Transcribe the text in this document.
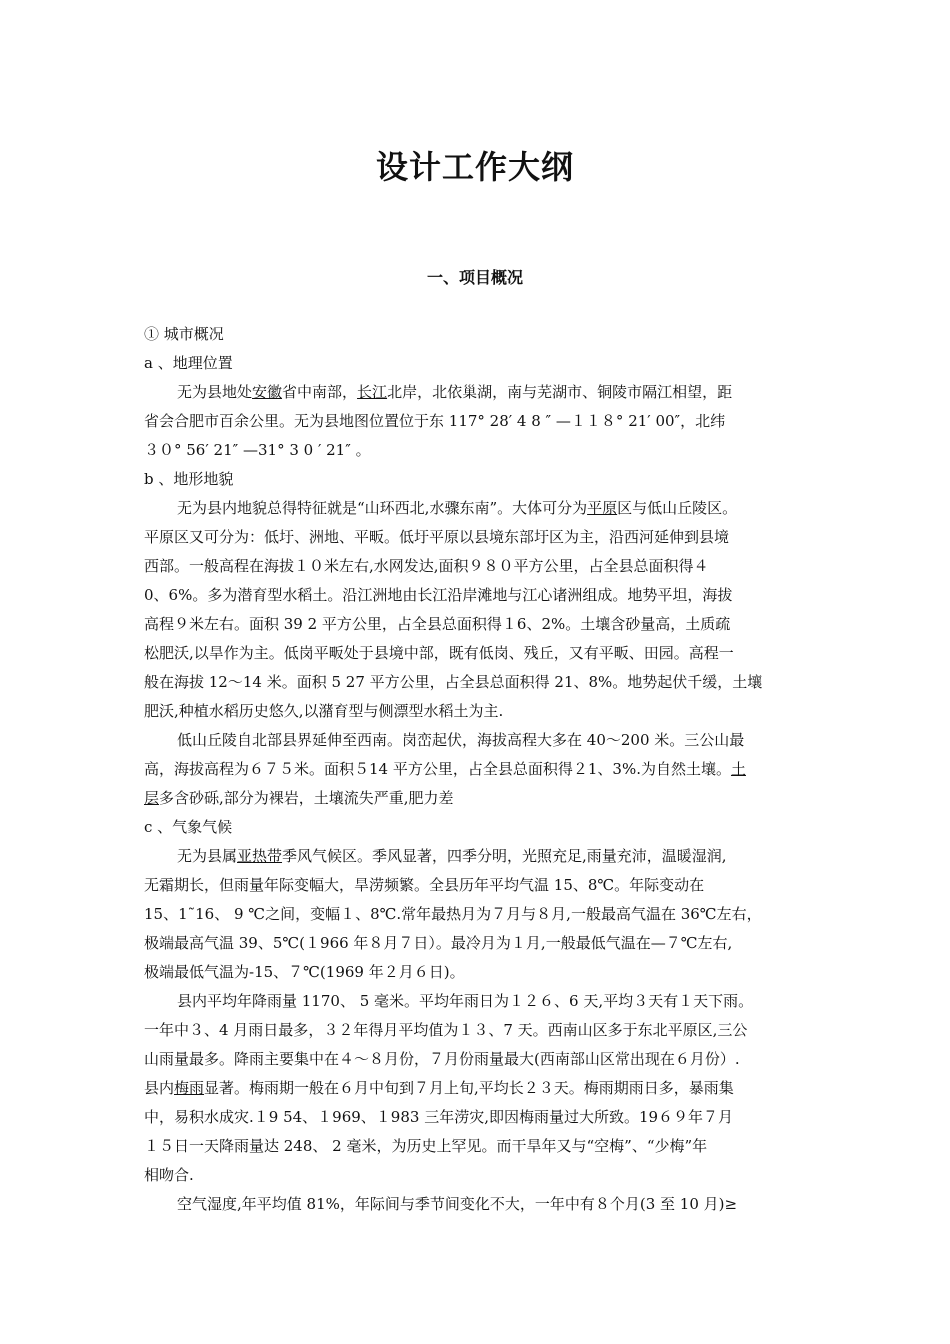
设计工作大纲
一、项目概况
① 城市概况
a 、地理位置
无为县地处安徽省中南部，长江北岸，北依巢湖，南与芜湖市、铜陵市隔江相望，距
省会合肥市百余公里。无为县地图位置位于东 117° 28′ 4 8 ″ —１１８° 21′ 00″，北纬
３０° 56′ 21″ —31° 3 0 ′ 21″ 。
b 、地形地貌
无为县内地貌总得特征就是“山环西北,水骤东南”。大体可分为平原区与低山丘陵区。
平原区又可分为：低圩、洲地、平畈。低圩平原以县境东部圩区为主，沿西河延伸到县境
西部。一般高程在海拔１０米左右,水网发达,面积９８０平方公里，占全县总面积得４
0、6%。多为潜育型水稻土。沿江洲地由长江沿岸滩地与江心诸洲组成。地势平坦，海拔
高程９米左右。面积 39 2 平方公里，占全县总面积得１6、2%。土壤含砂量高，土质疏
松肥沃,以旱作为主。低岗平畈处于县境中部，既有低岗、残丘，又有平畈、田园。高程一
般在海拔 12～14 米。面积 5 27 平方公里，占全县总面积得 21、8%。地势起伏千缓，土壤
肥沃,种植水稻历史悠久,以潴育型与侧漂型水稻土为主.
低山丘陵自北部县界延伸至西南。岗峦起伏，海拔高程大多在 40～200 米。三公山最
高，海拔高程为６７５米。面积５14 平方公里，占全县总面积得２1、3%.为自然土壤。土
层多含砂砾,部分为裸岩，土壤流失严重,肥力差
c 、气象气候
无为县属亚热带季风气候区。季风显著，四季分明，光照充足,雨量充沛，温暖湿润,
无霜期长，但雨量年际变幅大，旱涝频繁。全县历年平均气温 15、8℃。年际变动在
15、1˜16、 9 ℃之间，变幅１、8℃.常年最热月为７月与８月,一般最高气温在 36℃左右，
极端最高气温 39、5℃(１966 年８月７日）。最冷月为１月,一般最低气温在—７℃左右,
极端最低气温为-15、７℃(1969 年２月６日)。
县内平均年降雨量 1170、 5 毫米。平均年雨日为１２６、6 天,平均３天有１天下雨。
一年中３、4 月雨日最多，３２年得月平均值为１３、7 天。西南山区多于东北平原区,三公
山雨量最多。降雨主要集中在４～８月份，７月份雨量最大(西南部山区常出现在６月份）.
县内梅雨显著。梅雨期一般在６月中旬到７月上旬,平均长２３天。梅雨期雨日多，暴雨集
中，易积水成灾.１9 54、１969、１983 三年涝灾,即因梅雨量过大所致。19６９年７月
１５日一天降雨量达 248、 2 毫米，为历史上罕见。而干旱年又与“空梅”、“少梅”年
相吻合.
空气湿度,年平均值 81%，年际间与季节间变化不大，一年中有８个月(3 至 10 月)≥
